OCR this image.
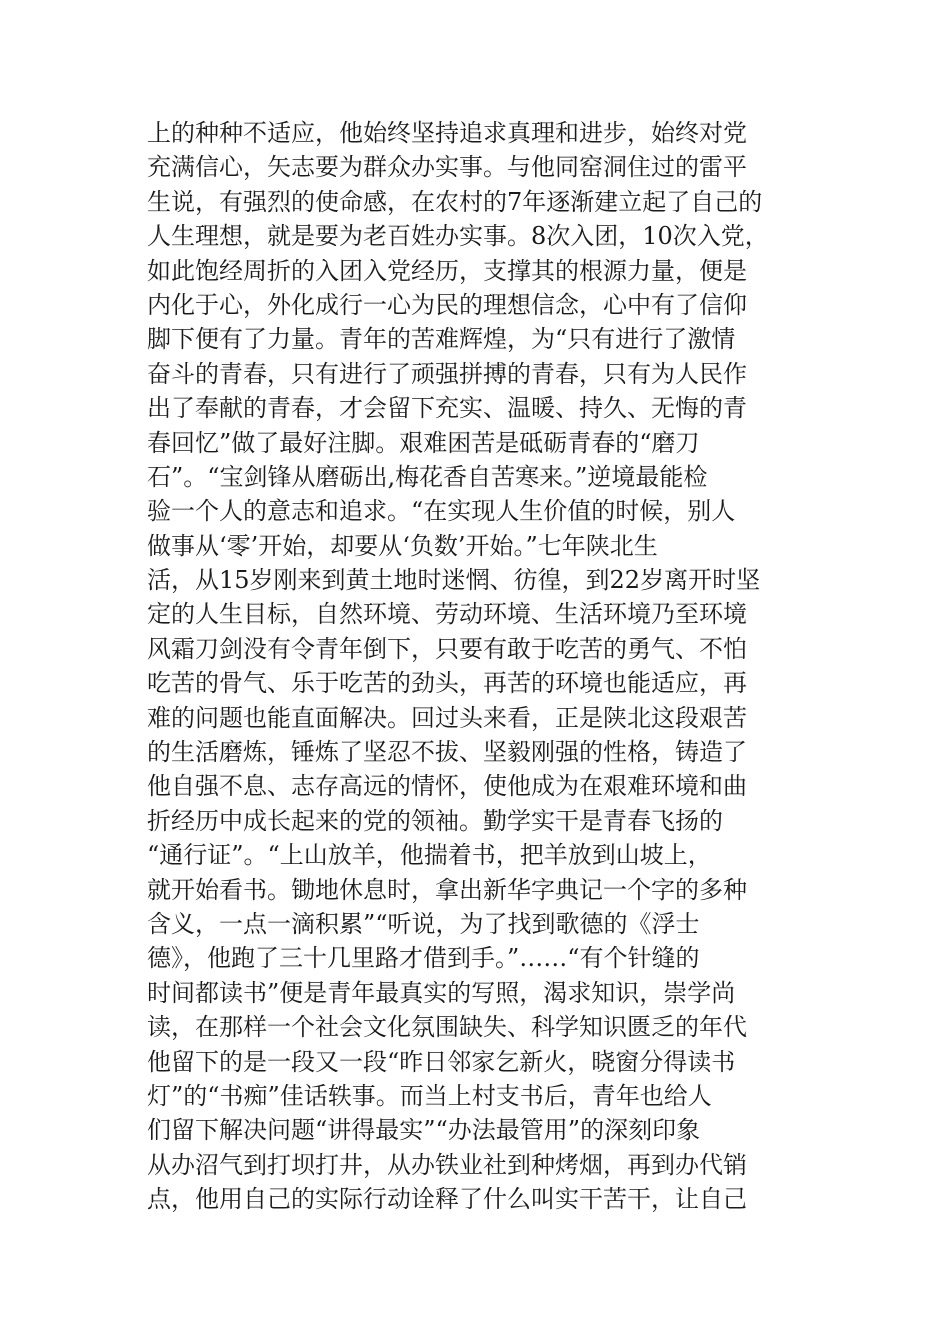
上的种种不适应，他始终坚持追求真理和进步，始终对党
充满信心，矢志要为群众办实事。与他同窑洞住过的雷平
生说，有强烈的使命感，在农村的7年逐渐建立起了自己的
人生理想，就是要为老百姓办实事。8次入团，10次入党，
如此饱经周折的入团入党经历，支撑其的根源力量，便是
内化于心，外化成行一心为民的理想信念，心中有了信仰
脚下便有了力量。青年的苦难辉煌，为“只有进行了激情
奋斗的青春，只有进行了顽强拼搏的青春，只有为人民作
出了奉献的青春，才会留下充实、温暖、持久、无悔的青
春回忆”做了最好注脚。艰难困苦是砥砺青春的“磨刀
石”。“宝剑锋从磨砺出,梅花香自苦寒来。”逆境最能检
验一个人的意志和追求。“在实现人生价值的时候，别人
做事从‘零’开始，却要从‘负数’开始。”七年陕北生
活，从15岁刚来到黄土地时迷惘、彷徨，到22岁离开时坚
定的人生目标，自然环境、劳动环境、生活环境乃至环境
风霜刀剑没有令青年倒下，只要有敢于吃苦的勇气、不怕
吃苦的骨气、乐于吃苦的劲头，再苦的环境也能适应，再
难的问题也能直面解决。回过头来看，正是陕北这段艰苦
的生活磨炼，锤炼了坚忍不拔、坚毅刚强的性格，铸造了
他自强不息、志存高远的情怀，使他成为在艰难环境和曲
折经历中成长起来的党的领袖。勤学实干是青春飞扬的
“通行证”。“上山放羊，他揣着书，把羊放到山坡上，
就开始看书。锄地休息时，拿出新华字典记一个字的多种
含义，一点一滴积累”“听说，为了找到歌德的《浮士
德》，他跑了三十几里路才借到手。”……“有个针缝的
时间都读书”便是青年最真实的写照，渴求知识，崇学尚
读，在那样一个社会文化氛围缺失、科学知识匮乏的年代
他留下的是一段又一段“昨日邻家乞新火，晓窗分得读书
灯”的“书痴”佳话轶事。而当上村支书后，青年也给人
们留下解决问题“讲得最实”“办法最管用”的深刻印象
从办沼气到打坝打井，从办铁业社到种烤烟，再到办代销
点，他用自己的实际行动诠释了什么叫实干苦干，让自己
